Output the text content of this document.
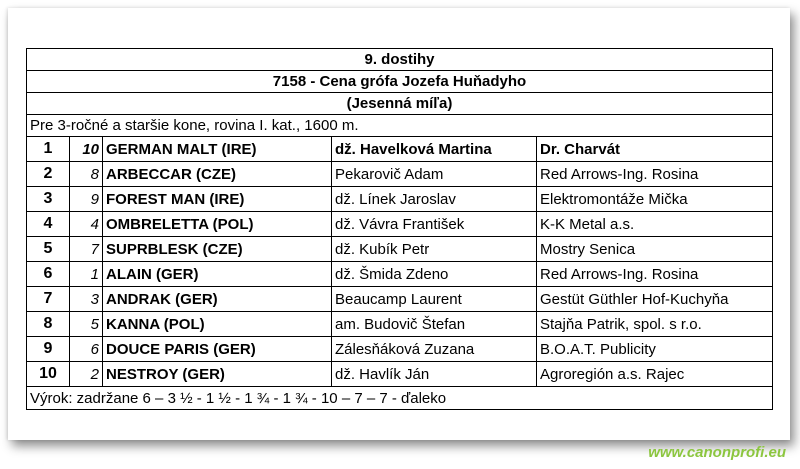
9. dostihy				
7158 - Cena grófa Jozefa Huňadyho				
(Jesenná míľa)				
Pre 3-ročné a staršie kone, rovina I. kat., 1600 m.				
1	10	GERMAN MALT (IRE)	dž. Havelková Martina	Dr. Charvát
2	8	ARBECCAR (CZE)	Pekarovič Adam	Red Arrows-Ing. Rosina
3	9	FOREST MAN (IRE)	dž. Línek Jaroslav	Elektromontáže Mička
4	4	OMBRELETTA (POL)	dž. Vávra František	K-K Metal a.s.
5	7	SUPRBLESK (CZE)	dž. Kubík Petr	Mostry Senica
6	1	ALAIN (GER)	dž. Šmida Zdeno	Red Arrows-Ing. Rosina
7	3	ANDRAK (GER)	Beaucamp Laurent	Gestüt Güthler Hof-Kuchyňa
8	5	KANNA (POL)	am. Budovič Štefan	Stajňa Patrik, spol. s r.o.
9	6	DOUCE PARIS (GER)	Zálesňáková Zuzana	B.O.A.T. Publicity
10	2	NESTROY (GER)	dž. Havlík Ján	Agroregión a.s. Rajec
Výrok: zadržane 6 – 3 ½ - 1 ½ - 1 ¾ - 1 ¾ - 10 – 7 – 7 - ďaleko				
www.canonprofi.eu
